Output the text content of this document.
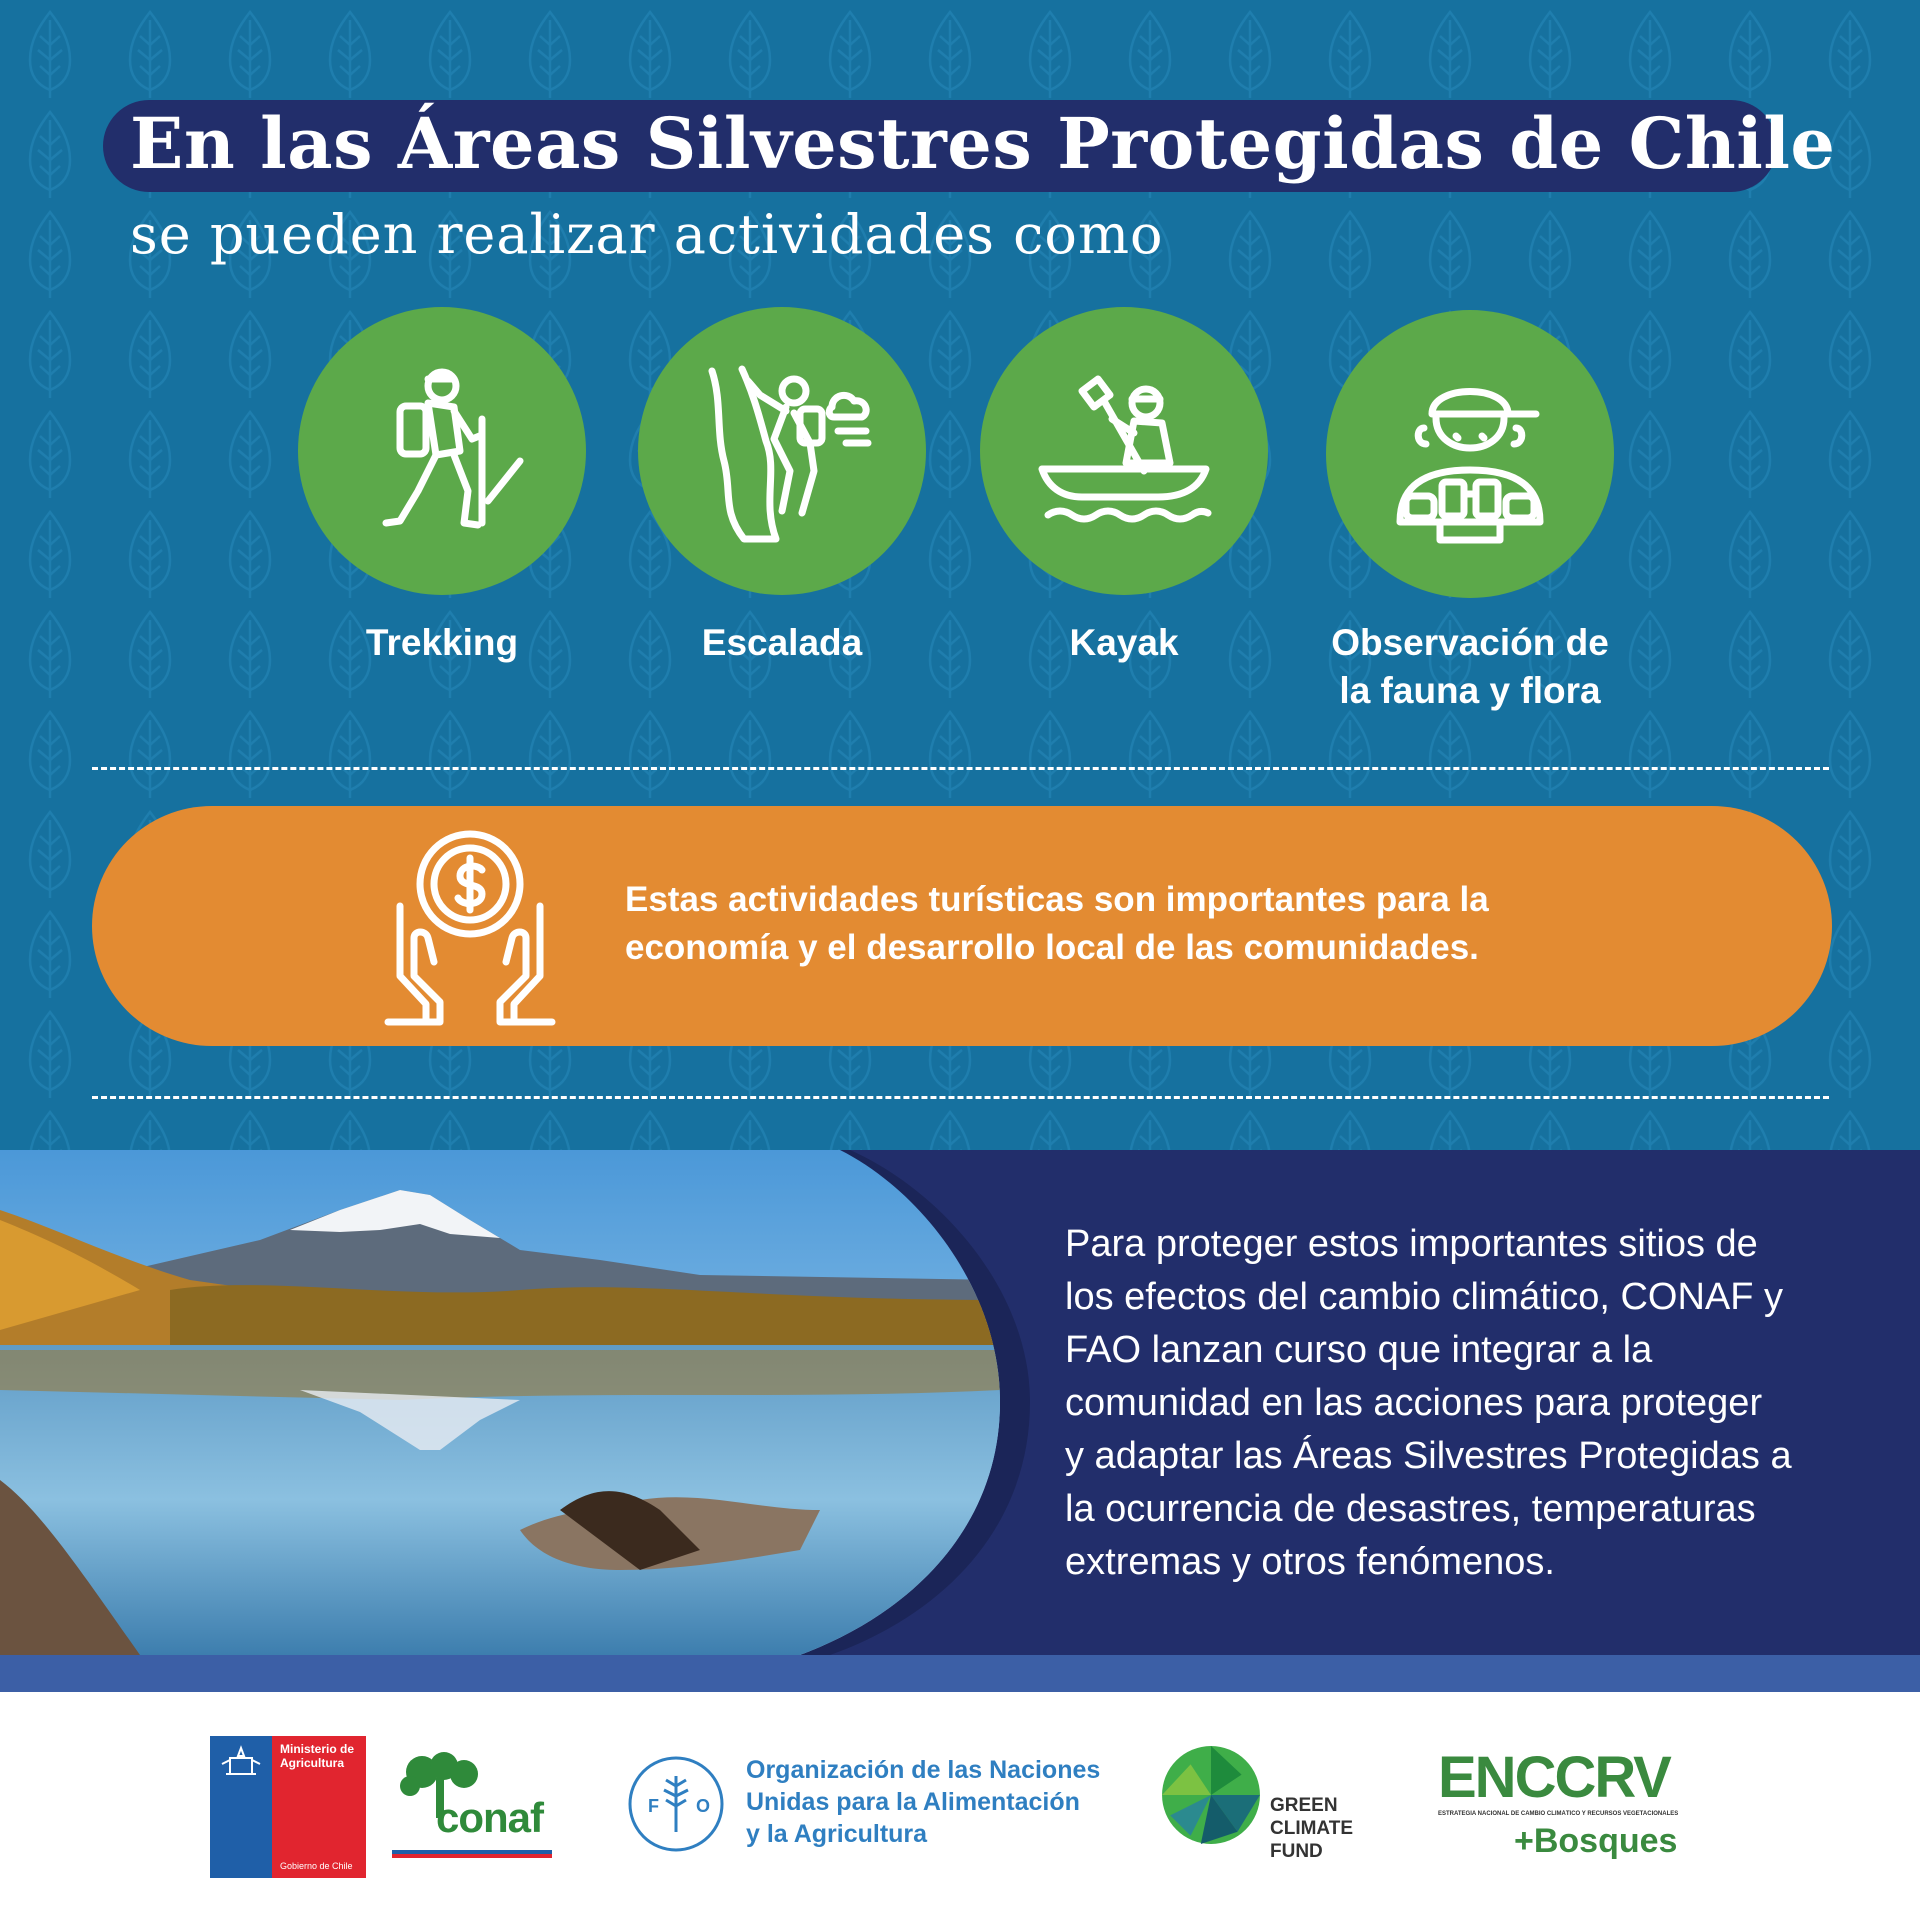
En las Áreas Silvestres Protegidas de Chile
se pueden realizar actividades como
Trekking	Escalada	Kayak	Observación de
la fauna y flora
Estas actividades turísticas son importantes para la
economía y el desarrollo local de las comunidades.
Para proteger estos importantes sitios de
los efectos del cambio climático, CONAF y
FAO lanzan curso que integrar a la
comunidad en las acciones para proteger
y adaptar las Áreas Silvestres Protegidas a
la ocurrencia de desastres, temperaturas
extremas y otros fenómenos.
Ministerio de
Agricultura
Gobierno de Chile
conaf	F O
Organización de las Naciones
Unidas para la Alimentación
y la Agricultura
GREEN
CLIMATE
FUND
ENCCRV
ESTRATEGIA NACIONAL DE CAMBIO CLIMÁTICO Y RECURSOS VEGETACIONALES
+Bosques
